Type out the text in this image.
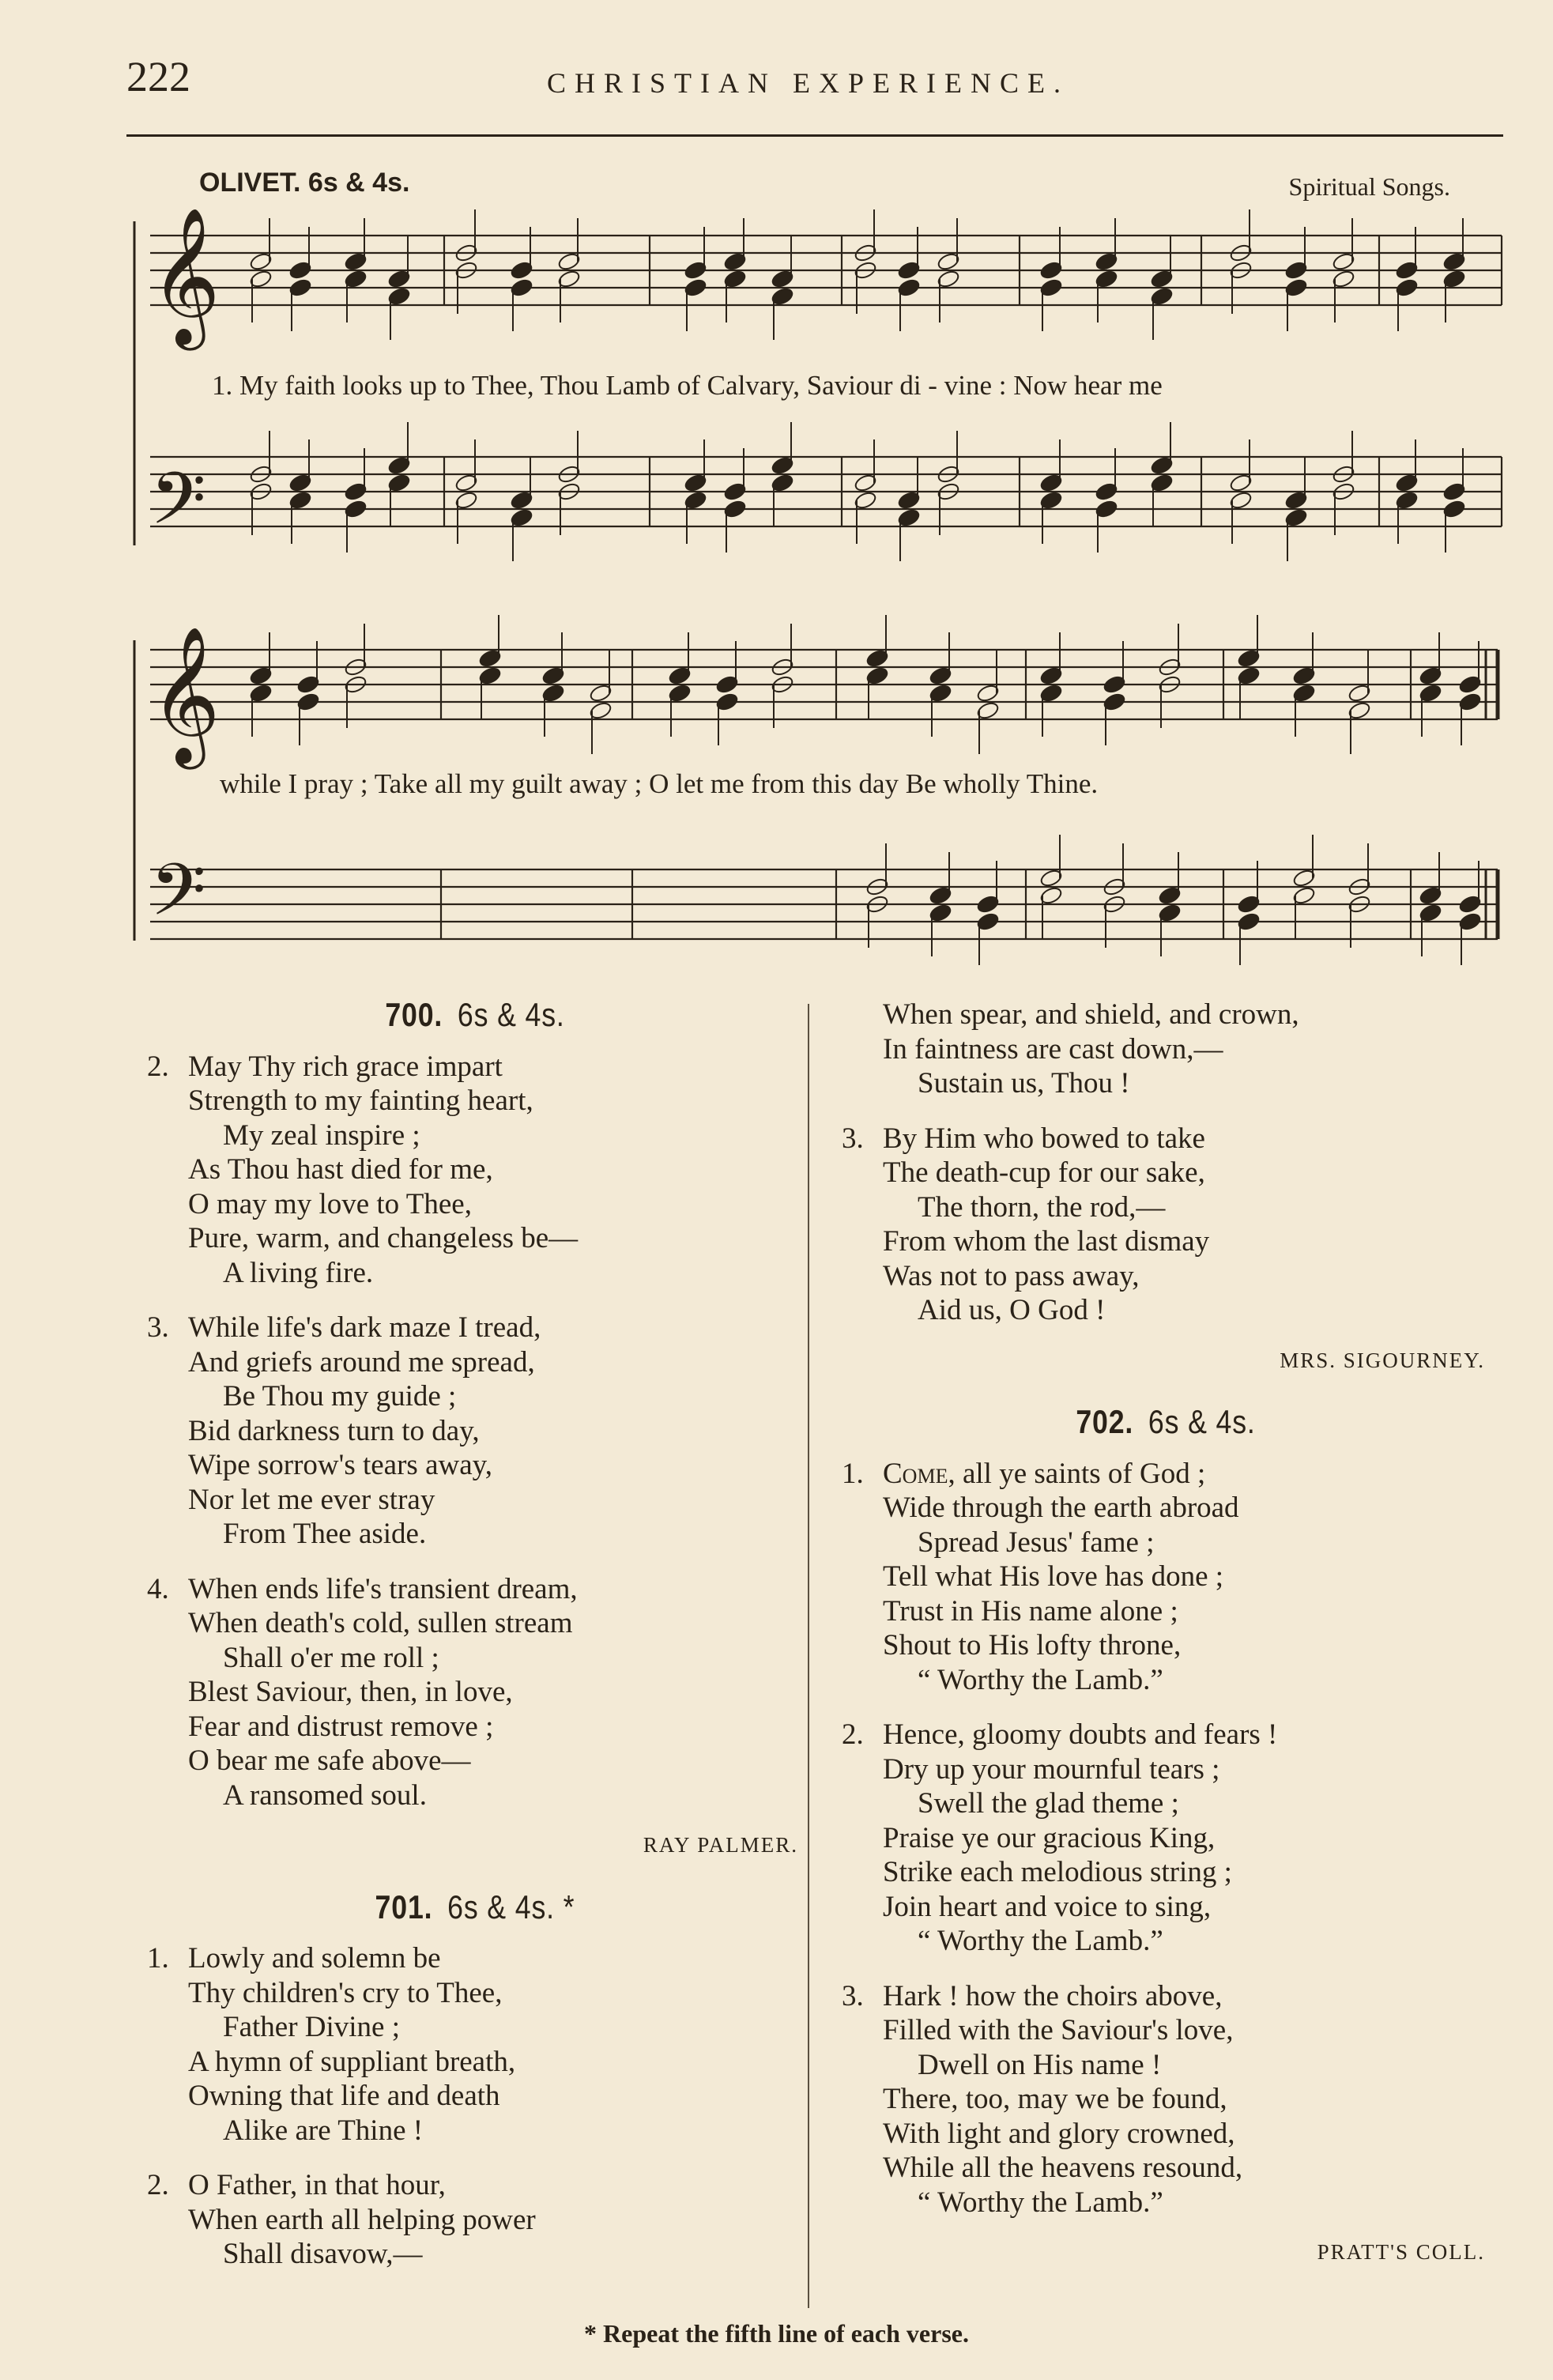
222	CHRISTIAN EXPERIENCE.
OLIVET. 6s & 4s.	Spiritual Songs.
𝄞
𝄢
𝄞
𝄢
1. My faith looks up to Thee, Thou Lamb of Calvary, Saviour di - vine : Now hear me
while I pray ; Take all my guilt away ; O let me from this day Be wholly Thine.
700. 6s & 4s.
2. May Thy rich grace impart
Strength to my fainting heart,
My zeal inspire ;
As Thou hast died for me,
O may my love to Thee,
Pure, warm, and changeless be—
A living fire.
3. While life's dark maze I tread,
And griefs around me spread,
Be Thou my guide ;
Bid darkness turn to day,
Wipe sorrow's tears away,
Nor let me ever stray
From Thee aside.
4. When ends life's transient dream,
When death's cold, sullen stream
Shall o'er me roll ;
Blest Saviour, then, in love,
Fear and distrust remove ;
O bear me safe above—
A ransomed soul.
RAY PALMER.
701. 6s & 4s. *
1. Lowly and solemn be
Thy children's cry to Thee,
Father Divine ;
A hymn of suppliant breath,
Owning that life and death
Alike are Thine !
2. O Father, in that hour,
When earth all helping power
Shall disavow,—
When spear, and shield, and crown,
In faintness are cast down,—
Sustain us, Thou !
3. By Him who bowed to take
The death-cup for our sake,
The thorn, the rod,—
From whom the last dismay
Was not to pass away,
Aid us, O God !
MRS. SIGOURNEY.
702. 6s & 4s.
1. Come, all ye saints of God ;
Wide through the earth abroad
Spread Jesus' fame ;
Tell what His love has done ;
Trust in His name alone ;
Shout to His lofty throne,
“ Worthy the Lamb.”
2. Hence, gloomy doubts and fears !
Dry up your mournful tears ;
Swell the glad theme ;
Praise ye our gracious King,
Strike each melodious string ;
Join heart and voice to sing,
“ Worthy the Lamb.”
3. Hark ! how the choirs above,
Filled with the Saviour's love,
Dwell on His name !
There, too, may we be found,
With light and glory crowned,
While all the heavens resound,
“ Worthy the Lamb.”
PRATT'S COLL.
* Repeat the fifth line of each verse.
